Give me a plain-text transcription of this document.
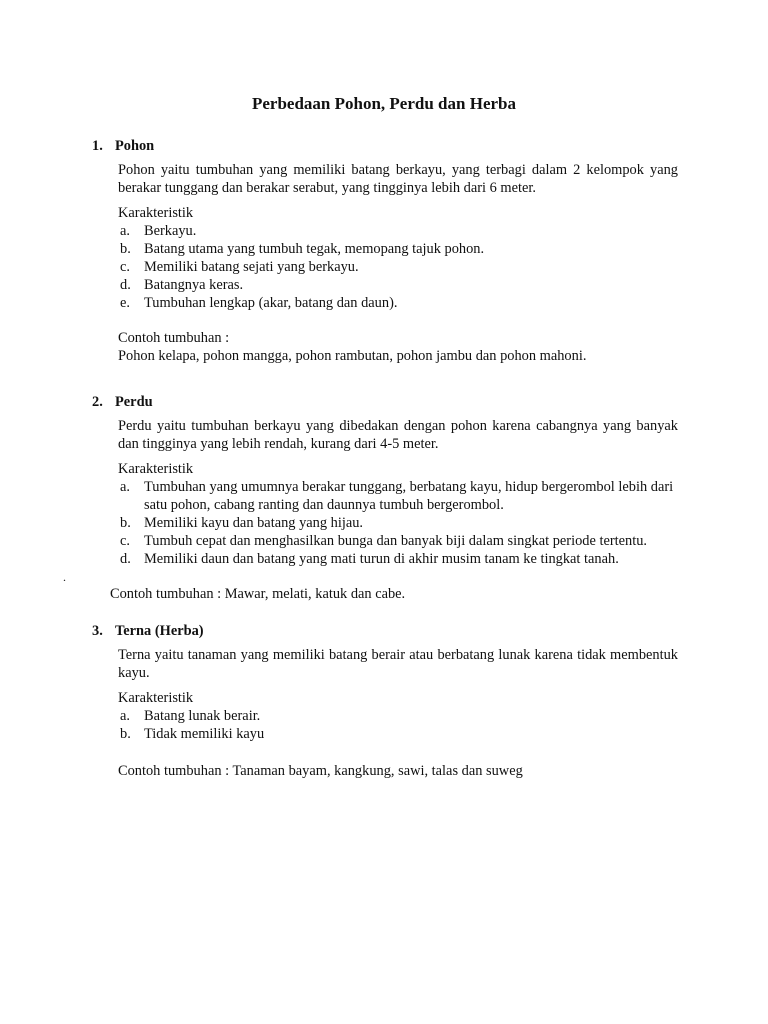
Perbedaan Pohon, Perdu dan Herba
1. Pohon
Pohon yaitu tumbuhan yang memiliki batang berkayu, yang terbagi dalam 2 kelompok yang berakar tunggang dan berakar serabut, yang tingginya lebih dari 6 meter.
Karakteristik
a. Berkayu.
b. Batang utama yang tumbuh tegak, memopang tajuk pohon.
c. Memiliki batang sejati yang berkayu.
d. Batangnya keras.
e. Tumbuhan lengkap (akar, batang dan daun).
Contoh tumbuhan :
Pohon kelapa, pohon mangga, pohon rambutan, pohon jambu dan pohon mahoni.
2. Perdu
Perdu yaitu tumbuhan berkayu yang dibedakan dengan pohon karena cabangnya yang banyak dan tingginya yang lebih rendah, kurang dari 4-5 meter.
Karakteristik
a. Tumbuhan yang umumnya berakar tunggang, berbatang kayu, hidup bergerombol lebih dari satu pohon, cabang ranting dan daunnya tumbuh bergerombol.
b. Memiliki kayu dan batang yang hijau.
c. Tumbuh cepat dan menghasilkan bunga dan banyak biji dalam singkat periode tertentu.
d. Memiliki daun dan batang yang mati turun di akhir musim tanam ke tingkat tanah.
Contoh tumbuhan : Mawar, melati, katuk dan cabe.
.
3. Terna (Herba)
Terna yaitu tanaman yang memiliki batang berair atau berbatang lunak karena tidak membentuk kayu.
Karakteristik
a. Batang lunak berair.
b. Tidak memiliki kayu
Contoh tumbuhan : Tanaman bayam, kangkung, sawi, talas dan suweg
